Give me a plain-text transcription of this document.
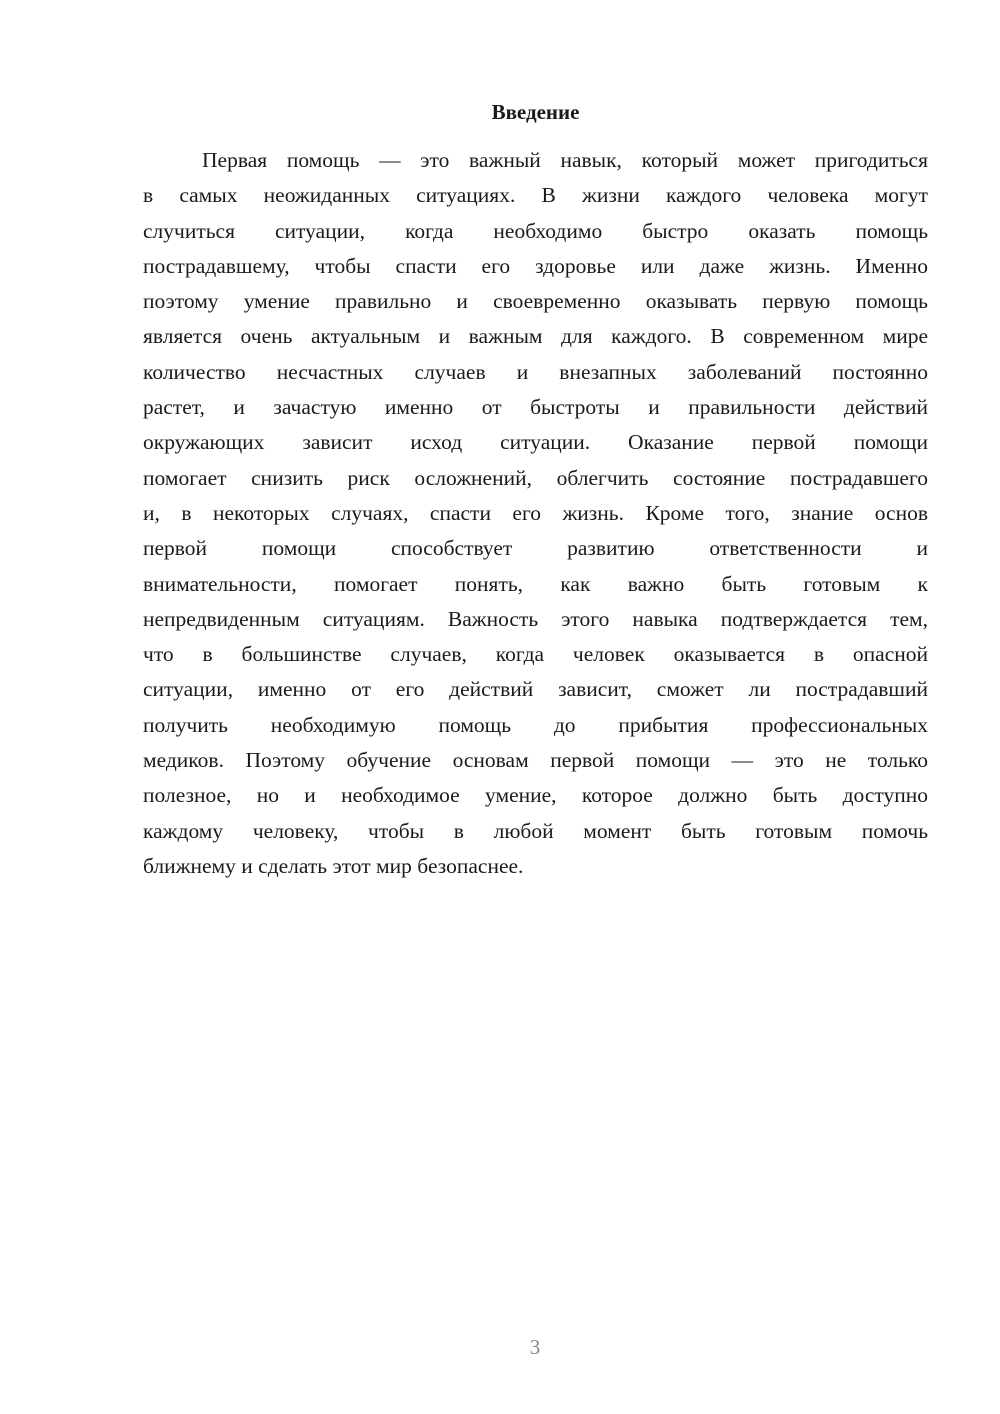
Введение
Первая помощь — это важный навык, который может пригодиться
в самых неожиданных ситуациях. В жизни каждого человека могут
случиться ситуации, когда необходимо быстро оказать помощь
пострадавшему, чтобы спасти его здоровье или даже жизнь. Именно
поэтому умение правильно и своевременно оказывать первую помощь
является очень актуальным и важным для каждого. В современном мире
количество несчастных случаев и внезапных заболеваний постоянно
растет, и зачастую именно от быстроты и правильности действий
окружающих зависит исход ситуации. Оказание первой помощи
помогает снизить риск осложнений, облегчить состояние пострадавшего
и, в некоторых случаях, спасти его жизнь. Кроме того, знание основ
первой помощи способствует развитию ответственности и
внимательности, помогает понять, как важно быть готовым к
непредвиденным ситуациям. Важность этого навыка подтверждается тем,
что в большинстве случаев, когда человек оказывается в опасной
ситуации, именно от его действий зависит, сможет ли пострадавший
получить необходимую помощь до прибытия профессиональных
медиков. Поэтому обучение основам первой помощи — это не только
полезное, но и необходимое умение, которое должно быть доступно
каждому человеку, чтобы в любой момент быть готовым помочь
ближнему и сделать этот мир безопаснее.
3
